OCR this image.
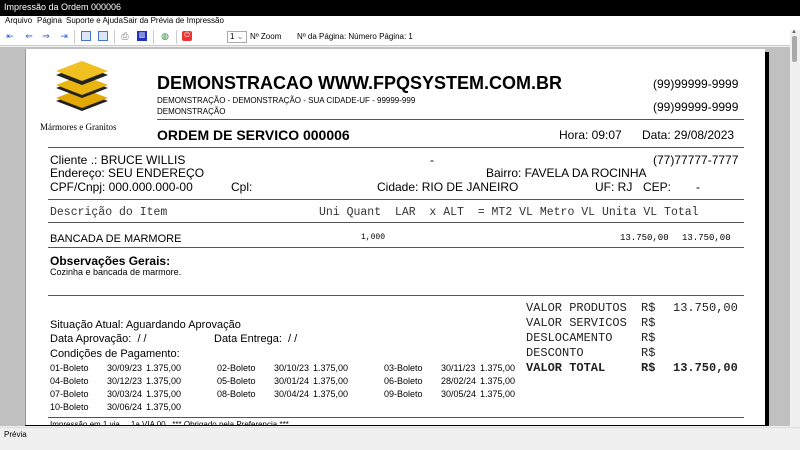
Impressão da Ordem 000006
Arquivo Página Suporte e Ajuda Sair da Prévia de Impressão
⇤ ⇐ ⇒ ⇥	⎙ ▥ ◍	⏻	1 ⌄ Nº Zoom Nº da Página: Número Página: 1
Mármores e Granitos
DEMONSTRACAO WWW.FPQSYSTEM.COM.BR
DEMONSTRAÇÃO - DEMONSTRAÇÃO - SUA CIDADE-UF - 99999-999
DEMONSTRAÇÃO
(99)99999-9999
(99)99999-9999
ORDEM DE SERVICO 000006	Hora: 09:07 Data: 29/08/2023
Cliente .: BRUCE WILLIS	-	(77)77777-7777
Endereço: SEU ENDEREÇO	Bairro: FAVELA DA ROCINHA
CPF/Cnpj: 000.000.000-00	Cpl:	Cidade: RIO DE JANEIRO	UF: RJ CEP: -
Descrição do Item	Uni Quant  LAR  x ALT  = MT2 VL Metro VL Unita VL Total
BANCADA DE MARMORE	1,000	13.750,00 13.750,00
Observações Gerais:
Cozinha e bancada de marmore.
VALOR PRODUTOS R$ 13.750,00
VALOR SERVICOS R$
DESLOCAMENTO R$
DESCONTO	R$
VALOR TOTAL	R$ 13.750,00
Situação Atual: Aguardando Aprovação
Data Aprovação:  / /	Data Entrega:  / /
Condições de Pagamento:
01-Boleto 30/09/23 1.375,00	02-Boleto 30/10/23 1.375,00	03-Boleto 30/11/23 1.375,00
04-Boleto 30/12/23 1.375,00	05-Boleto 30/01/24 1.375,00	06-Boleto 28/02/24 1.375,00
07-Boleto 30/03/24 1.375,00	08-Boleto 30/04/24 1.375,00	09-Boleto 30/05/24 1.375,00
10-Boleto 30/06/24 1.375,00
▲
Prévia
